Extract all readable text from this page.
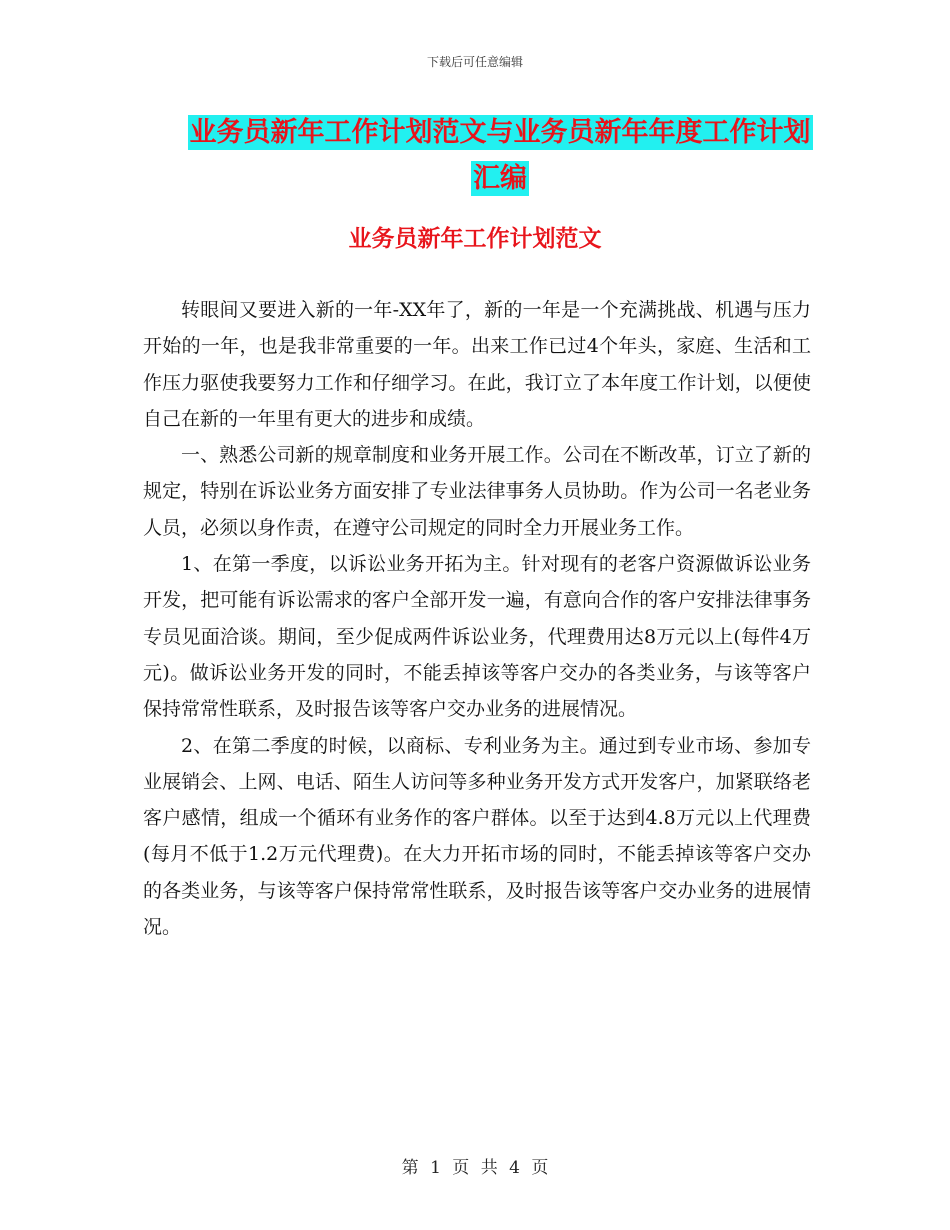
下载后可任意编辑
业务员新年工作计划范文与业务员新年年度工作计划
汇编
业务员新年工作计划范文

转眼间又要进入新的一年-XX年了，新的一年是一个充满挑战、机遇与压力开始的一年，也是我非常重要的一年。出来工作已过4个年头，家庭、生活和工作压力驱使我要努力工作和仔细学习。在此，我订立了本年度工作计划，以便使自己在新的一年里有更大的进步和成绩。

一、熟悉公司新的规章制度和业务开展工作。公司在不断改革，订立了新的规定，特别在诉讼业务方面安排了专业法律事务人员协助。作为公司一名老业务人员，必须以身作责，在遵守公司规定的同时全力开展业务工作。

1、在第一季度，以诉讼业务开拓为主。针对现有的老客户资源做诉讼业务开发，把可能有诉讼需求的客户全部开发一遍，有意向合作的客户安排法律事务专员见面洽谈。期间，至少促成两件诉讼业务，代理费用达8万元以上(每件4万元)。做诉讼业务开发的同时，不能丢掉该等客户交办的各类业务，与该等客户保持常常性联系，及时报告该等客户交办业务的进展情况。

2、在第二季度的时候，以商标、专利业务为主。通过到专业市场、参加专业展销会、上网、电话、陌生人访问等多种业务开发方式开发客户，加紧联络老客户感情，组成一个循环有业务作的客户群体。以至于达到4.8万元以上代理费(每月不低于1.2万元代理费)。在大力开拓市场的同时，不能丢掉该等客户交办的各类业务，与该等客户保持常常性联系，及时报告该等客户交办业务的进展情况。

第 1 页 共 4 页
